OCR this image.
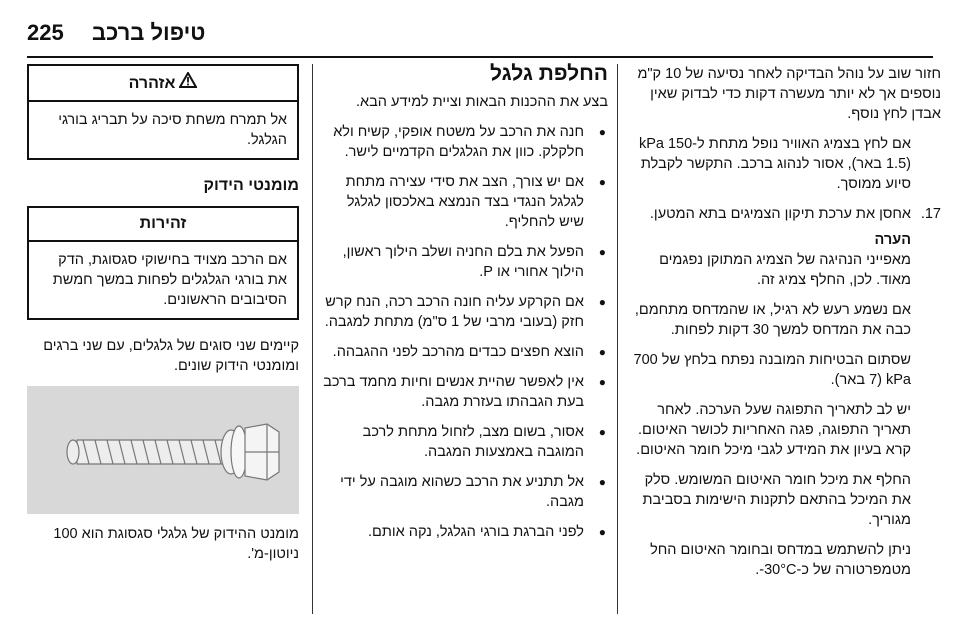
225 טיפול ברכב

חזור שוב על נוהל הבדיקה לאחר נסיעה של 10 ק"מ נוספים אך לא יותר מעשרה דקות כדי לבדוק שאין אבדן לחץ נוסף.

אם לחץ בצמיג האוויר נופל מתחת ל-150 kPa (1.5 באר), אסור לנהוג ברכב. התקשר לקבלת סיוע ממוסך.

17.
אחסן את ערכת תיקון הצמיגים בתא המטען.
הערה

מאפייני הנהיגה של הצמיג המתוקן נפגמים מאוד. לכן, החלף צמיג זה.

אם נשמע רעש לא רגיל, או שהמדחס מתחמם, כבה את המדחס למשך 30 דקות לפחות.

שסתום הבטיחות המובנה נפתח בלחץ של 700 kPa (7 באר).

יש לב לתאריך התפוגה שעל הערכה. לאחר תאריך התפוגה, פגה האחריות לכושר האיטום. קרא בעיון את המידע לגבי מיכל חומר האיטום.

החלף את מיכל חומר האיטום המשומש. סלק את המיכל בהתאם לתקנות הישימות בסביבת מגוריך.

ניתן להשתמש במדחס ובחומר האיטום החל מטמפרטורה של כ-30°C-.

החלפת גלגל

בצע את ההכנות הבאות וציית למידע הבא.

● חנה את הרכב על משטח אופקי, קשיח ולא חלקלק. כוון את הגלגלים הקדמיים לישר.
● אם יש צורך, הצב את סידי עצירה מתחת לגלגל הנגדי בצד הנמצא באלכסון לגלגל שיש להחליף.
● הפעל את בלם החניה ושלב הילוך ראשון, הילוך אחורי או P.
● אם הקרקע עליה חונה הרכב רכה, הנח קרש חזק (בעובי מרבי של 1 ס"מ) מתחת למגבה.
● הוצא חפצים כבדים מהרכב לפני ההגבהה.
● אין לאפשר שהיית אנשים וחיות מחמד ברכב בעת הגבהתו בעזרת מגבה.
● אסור, בשום מצב, לזחול מתחת לרכב המוגבה באמצעות המגבה.
● אל תתניע את הרכב כשהוא מוגבה על ידי מגבה.
● לפני הברגת בורגי הגלגל, נקה אותם.
אזהרה
אל תמרח משחת סיכה על תבריג בורגי הגלגל.
מומנטי הידוק
זהירות
אם הרכב מצויד בחישוקי סגסוגת, הדק את בורגי הגלגלים לפחות במשך חמשת הסיבובים הראשונים.

קיימים שני סוגים של גלגלים, עם שני ברגים ומומנטי הידוק שונים.

מומנט ההידוק של גלגלי סגסוגת הוא 100 ניוטון-מ'.
